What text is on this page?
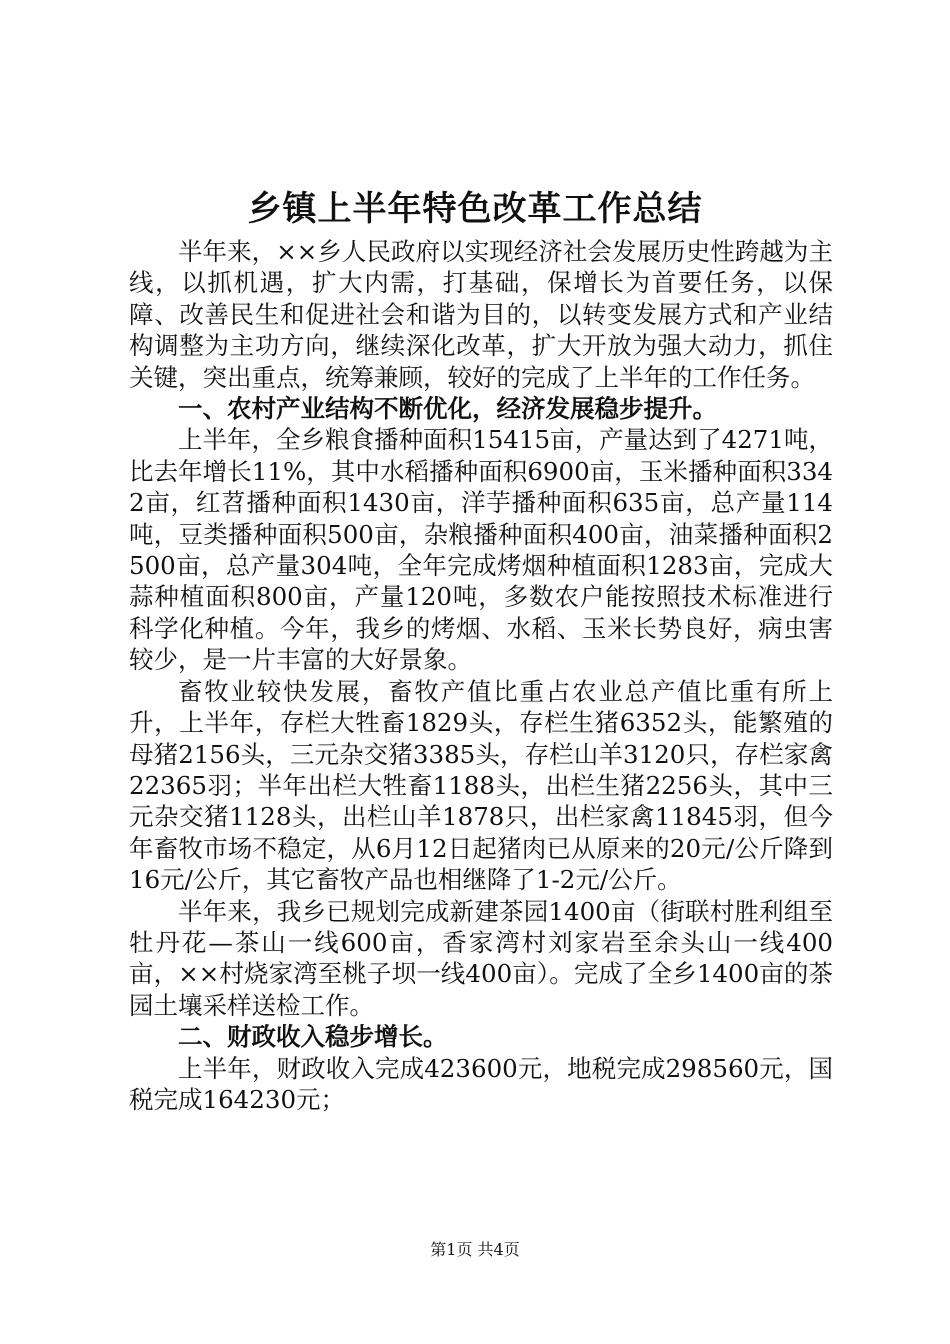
乡镇上半年特色改革工作总结

半年来，××乡人民政府以实现经济社会发展历史性跨越为主线，以抓机遇，扩大内需，打基础，保增长为首要任务，以保障、改善民生和促进社会和谐为目的，以转变发展方式和产业结构调整为主功方向，继续深化改革，扩大开放为强大动力，抓住关键，突出重点，统筹兼顾，较好的完成了上半年的工作任务。

一、农村产业结构不断优化，经济发展稳步提升。

上半年，全乡粮食播种面积15415亩，产量达到了4271吨，比去年增长11%，其中水稻播种面积6900亩，玉米播种面积3342亩，红苕播种面积1430亩，洋芋播种面积635亩，总产量114吨，豆类播种面积500亩，杂粮播种面积400亩，油菜播种面积2500亩，总产量304吨，全年完成烤烟种植面积1283亩，完成大蒜种植面积800亩，产量120吨，多数农户能按照技术标准进行科学化种植。今年，我乡的烤烟、水稻、玉米长势良好，病虫害较少，是一片丰富的大好景象。

畜牧业较快发展，畜牧产值比重占农业总产值比重有所上升，上半年，存栏大牲畜1829头，存栏生猪6352头，能繁殖的母猪2156头，三元杂交猪3385头，存栏山羊3120只，存栏家禽22365羽；半年出栏大牲畜1188头，出栏生猪2256头，其中三元杂交猪1128头，出栏山羊1878只，出栏家禽11845羽，但今年畜牧市场不稳定，从6月12日起猪肉已从原来的20元/公斤降到16元/公斤，其它畜牧产品也相继降了1-2元/公斤。

半年来，我乡已规划完成新建茶园1400亩（街联村胜利组至牡丹花—茶山一线600亩，香家湾村刘家岩至余头山一线400亩，××村烧家湾至桃子坝一线400亩）。完成了全乡1400亩的茶园土壤采样送检工作。

二、财政收入稳步增长。

上半年，财政收入完成423600元，地税完成298560元，国税完成164230元；

第1页 共4页
